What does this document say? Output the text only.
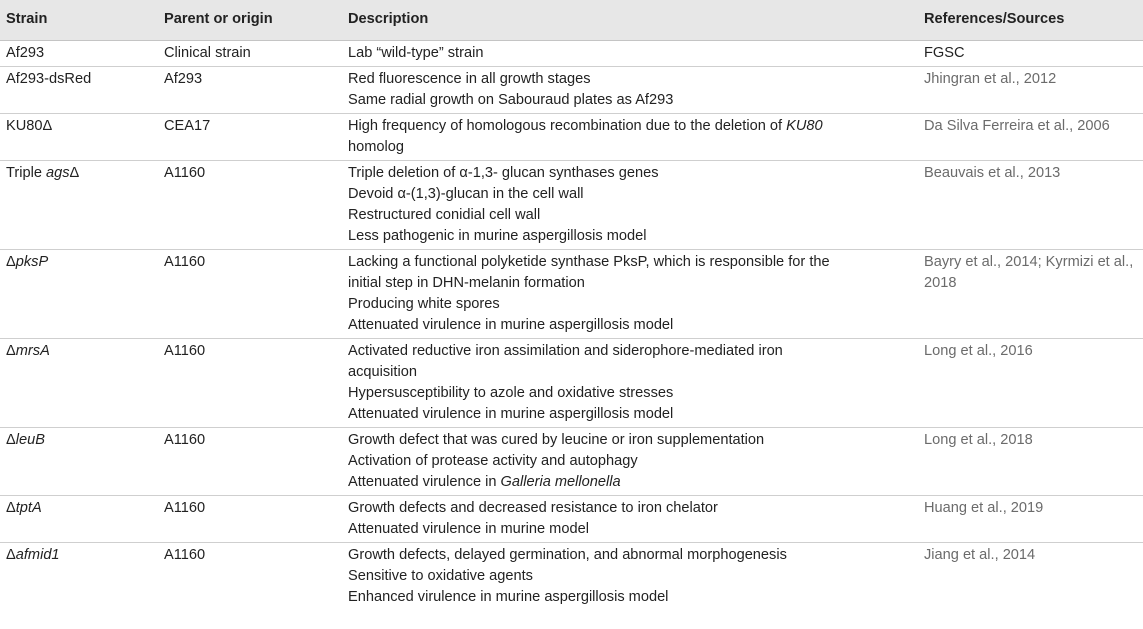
Strain	Parent or origin	Description	References/Sources
Af293	Clinical strain	Lab “wild-type” strain	FGSC

Af293-dsRed	Af293	Red fluorescence in all growth stages
Same radial growth on Sabouraud plates as Af293	Jhingran et al., 2012

KU80Δ	CEA17	High frequency of homologous recombination due to the deletion of KU80
homolog	Da Silva Ferreira et al., 2006

Triple agsΔ	A1160	Triple deletion of α-1,3- glucan synthases genes
Devoid α-(1,3)-glucan in the cell wall
Restructured conidial cell wall
Less pathogenic in murine aspergillosis model	Beauvais et al., 2013

ΔpksP	A1160	Lacking a functional polyketide synthase PksP, which is responsible for the
initial step in DHN-melanin formation
Producing white spores
Attenuated virulence in murine aspergillosis model	Bayry et al., 2014; Kyrmizi et al.,
2018

ΔmrsA	A1160	Activated reductive iron assimilation and siderophore-mediated iron
acquisition
Hypersusceptibility to azole and oxidative stresses
Attenuated virulence in murine aspergillosis model	Long et al., 2016

ΔleuB	A1160	Growth defect that was cured by leucine or iron supplementation
Activation of protease activity and autophagy
Attenuated virulence in Galleria mellonella	Long et al., 2018

ΔtptA	A1160	Growth defects and decreased resistance to iron chelator
Attenuated virulence in murine model	Huang et al., 2019

Δafmid1	A1160	Growth defects, delayed germination, and abnormal morphogenesis
Sensitive to oxidative agents
Enhanced virulence in murine aspergillosis model	Jiang et al., 2014
